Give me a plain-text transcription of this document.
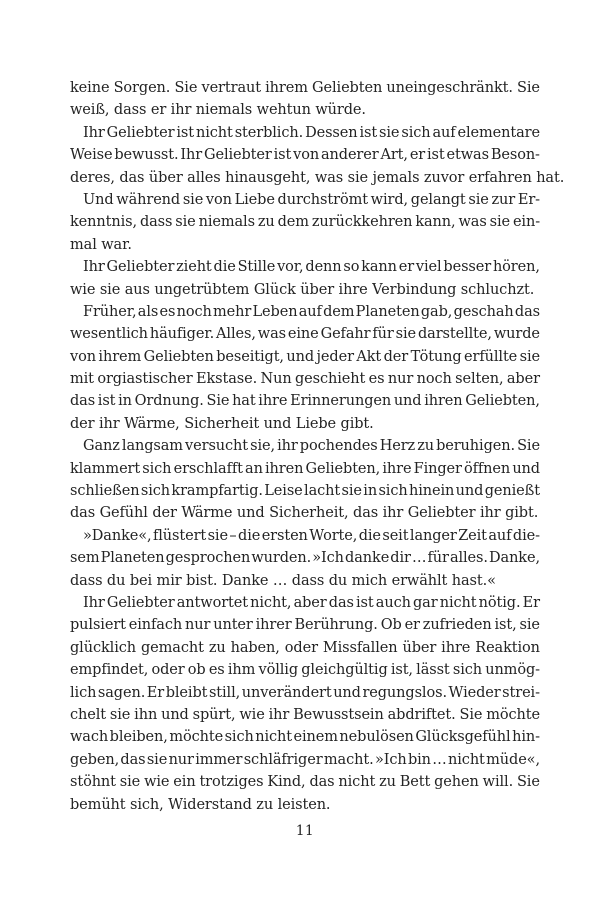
keine Sorgen. Sie vertraut ihrem Geliebten uneingeschränkt. Sie
weiß, dass er ihr niemals wehtun würde.
Ihr Geliebter ist nicht sterblich. Dessen ist sie sich auf elementare
Weise bewusst. Ihr Geliebter ist von anderer Art, er ist etwas Beson-
deres, das über alles hinausgeht, was sie jemals zuvor erfahren hat.
Und während sie von Liebe durchströmt wird, gelangt sie zur Er-
kenntnis, dass sie niemals zu dem zurückkehren kann, was sie ein-
mal war.
Ihr Geliebter zieht die Stille vor, denn so kann er viel besser hören,
wie sie aus ungetrübtem Glück über ihre Verbindung schluchzt.
Früher, als es noch mehr Leben auf dem Planeten gab, geschah das
wesentlich häufiger. Alles, was eine Gefahr für sie darstellte, wurde
von ihrem Geliebten beseitigt, und jeder Akt der Tötung erfüllte sie
mit orgiastischer Ekstase. Nun geschieht es nur noch selten, aber
das ist in Ordnung. Sie hat ihre Erinnerungen und ihren Geliebten,
der ihr Wärme, Sicherheit und Liebe gibt.
Ganz langsam versucht sie, ihr pochendes Herz zu beruhigen. Sie
klammert sich erschlafft an ihren Geliebten, ihre Finger öffnen und
schließen sich krampfartig. Leise lacht sie in sich hinein und genießt
das Gefühl der Wärme und Sicherheit, das ihr Geliebter ihr gibt.
»Danke«, flüstert sie – die ersten Worte, die seit langer Zeit auf die-
sem Planeten gesprochen wurden. »Ich danke dir … für alles. Danke,
dass du bei mir bist. Danke … dass du mich erwählt hast.«
Ihr Geliebter antwortet nicht, aber das ist auch gar nicht nötig. Er
pulsiert einfach nur unter ihrer Berührung. Ob er zufrieden ist, sie
glücklich gemacht zu haben, oder Missfallen über ihre Reaktion
empfindet, oder ob es ihm völlig gleichgültig ist, lässt sich unmög-
lich sagen. Er bleibt still, unverändert und regungslos. Wieder strei-
chelt sie ihn und spürt, wie ihr Bewusstsein abdriftet. Sie möchte
wach bleiben, möchte sich nicht einem nebulösen Glücksgefühl hin-
geben, das sie nur immer schläfriger macht. »Ich bin … nicht müde«,
stöhnt sie wie ein trotziges Kind, das nicht zu Bett gehen will. Sie
bemüht sich, Widerstand zu leisten.
11
